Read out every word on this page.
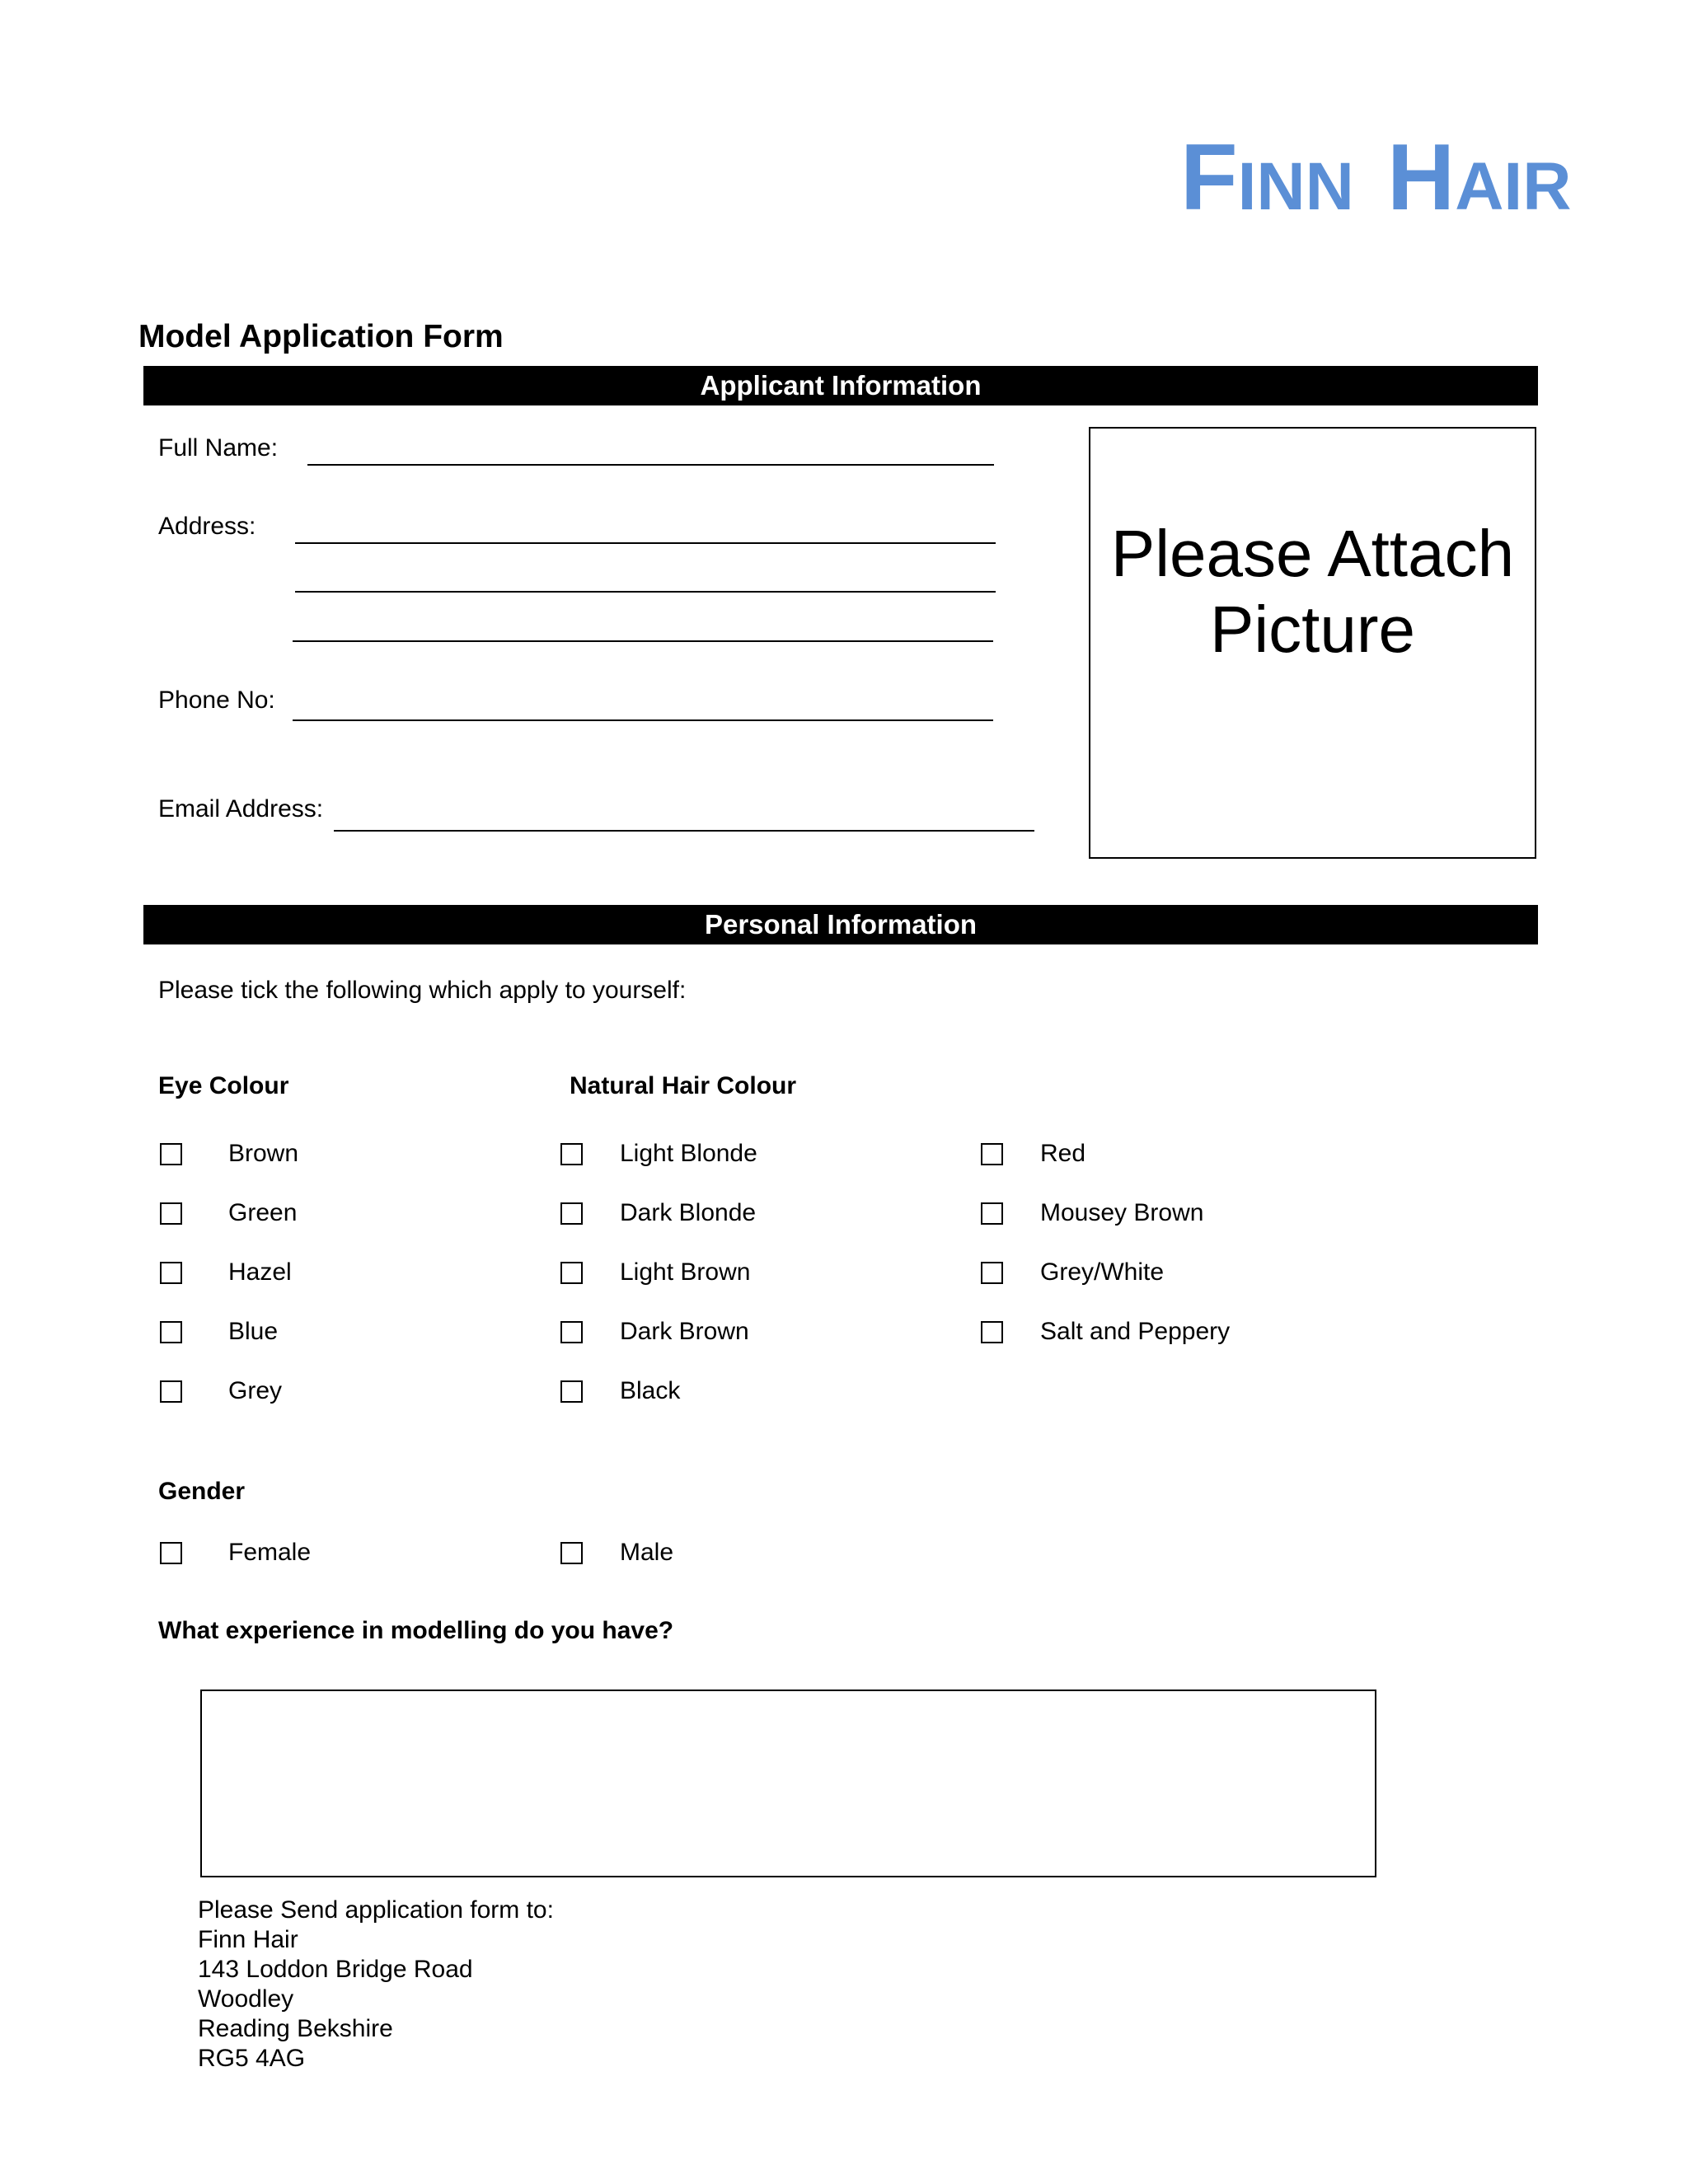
FINN HAIR
Model Application Form
Applicant Information
Full Name:
Address:
Phone No:
Email Address:
Please Attach
Picture
Personal Information
Please tick the following which apply to yourself:
Eye Colour	Natural Hair Colour
Brown
Green
Hazel
Blue
Grey
Light Blonde
Dark Blonde
Light Brown
Dark Brown
Black
Red
Mousey Brown
Grey/White
Salt and Peppery
Gender
Female	Male
What experience in modelling do you have?
Please Send application form to:
Finn Hair
143 Loddon Bridge Road
Woodley
Reading Bekshire
RG5 4AG
